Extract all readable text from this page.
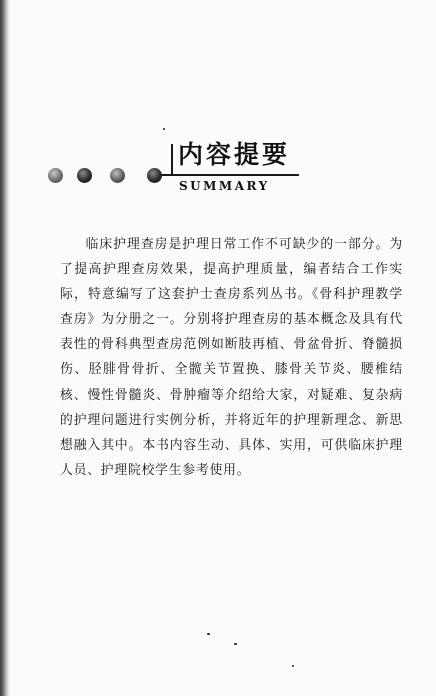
内容提要
SUMMARY

临床护理查房是护理日常工作不可缺少的一部分。为了提高护理查房效果，提高护理质量，编者结合工作实际，特意编写了这套护士查房系列丛书。《骨科护理教学查房》为分册之一。分别将护理查房的基本概念及具有代表性的骨科典型查房范例如断肢再植、骨盆骨折、脊髓损伤、胫腓骨骨折、全髋关节置换、膝骨关节炎、腰椎结核、慢性骨髓炎、骨肿瘤等介绍给大家，对疑难、复杂病的护理问题进行实例分析，并将近年的护理新理念、新思想融入其中。本书内容生动、具体、实用，可供临床护理人员、护理院校学生参考使用。
